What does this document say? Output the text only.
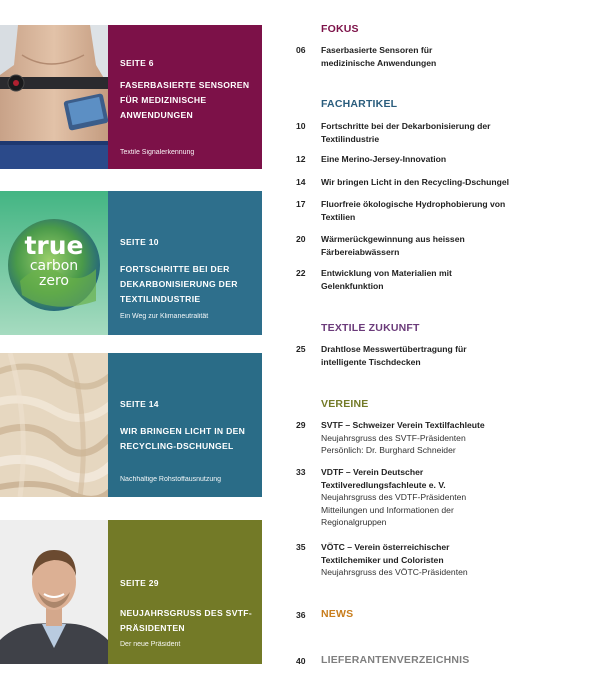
SEITE 6
FASERBASIERTE SENSOREN FÜR MEDIZINISCHE ANWENDUNGEN
Textile Signalerkennung
true
carbon
zero
SEITE 10
FORTSCHRITTE BEI DER DEKARBONISIERUNG DER TEXTILINDUSTRIE
Ein Weg zur Klimaneutralität
SEITE 14
WIR BRINGEN LICHT IN DEN RECYCLING-DSCHUNGEL
Nachhaltige Rohstoffausnutzung
SEITE 29
NEUJAHRSGRUSS DES SVTF-PRÄSIDENTEN
Der neue Präsident
FOKUS
06 Faserbasierte Sensoren für medizinische Anwendungen
FACHARTIKEL
10 Fortschritte bei der Dekarbonisierung der Textilindustrie
12 Eine Merino-Jersey-Innovation
14 Wir bringen Licht in den Recycling-Dschungel
17 Fluorfreie ökologische Hydrophobierung von Textilien
20 Wärmerückgewinnung aus heissen Färbereiabwässern
22 Entwicklung von Materialien mit Gelenkfunktion
TEXTILE ZUKUNFT
25 Drahtlose Messwertübertragung für intelligente Tischdecken
VEREINE
29 SVTF – Schweizer Verein Textilfachleute
Neujahrsgruss des SVTF-Präsidenten
Persönlich: Dr. Burghard Schneider
33 VDTF – Verein Deutscher Textilveredlungsfachleute e. V.
Neujahrsgruss des VDTF-Präsidenten
Mitteilungen und Informationen der Regionalgruppen
35 VÖTC – Verein österreichischer Textilchemiker und Coloristen
Neujahrsgruss des VÖTC-Präsidenten
36 NEWS
40 LIEFERANTENVERZEICHNIS
